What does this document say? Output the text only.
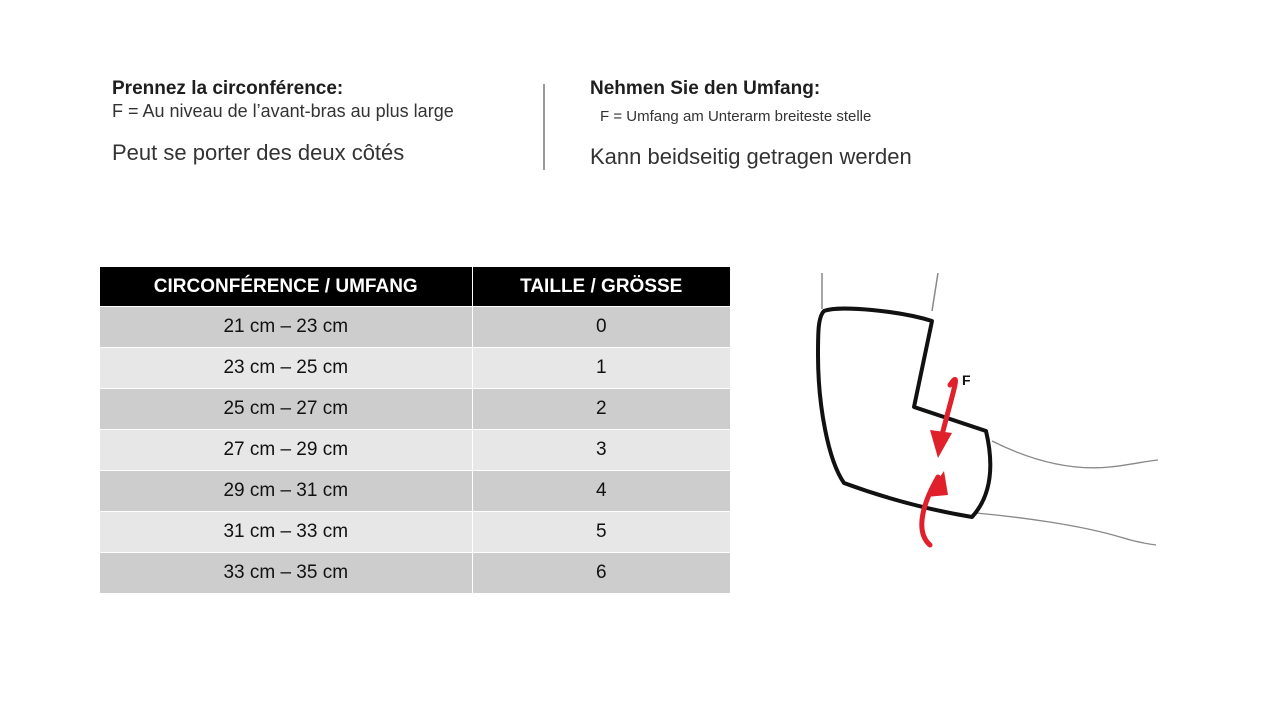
Prennez la circonférence:
F = Au niveau de l’avant-bras au plus large
Peut se porter des deux côtés
Nehmen Sie den Umfang:
F = Umfang am Unterarm breiteste stelle
Kann beidseitig getragen werden
CIRCONFÉRENCE / UMFANG	TAILLE / GRÖSSE
21 cm – 23 cm	0
23 cm – 25 cm	1
25 cm – 27 cm	2
27 cm – 29 cm	3
29 cm – 31 cm	4
31 cm – 33 cm	5
33 cm – 35 cm	6
F
